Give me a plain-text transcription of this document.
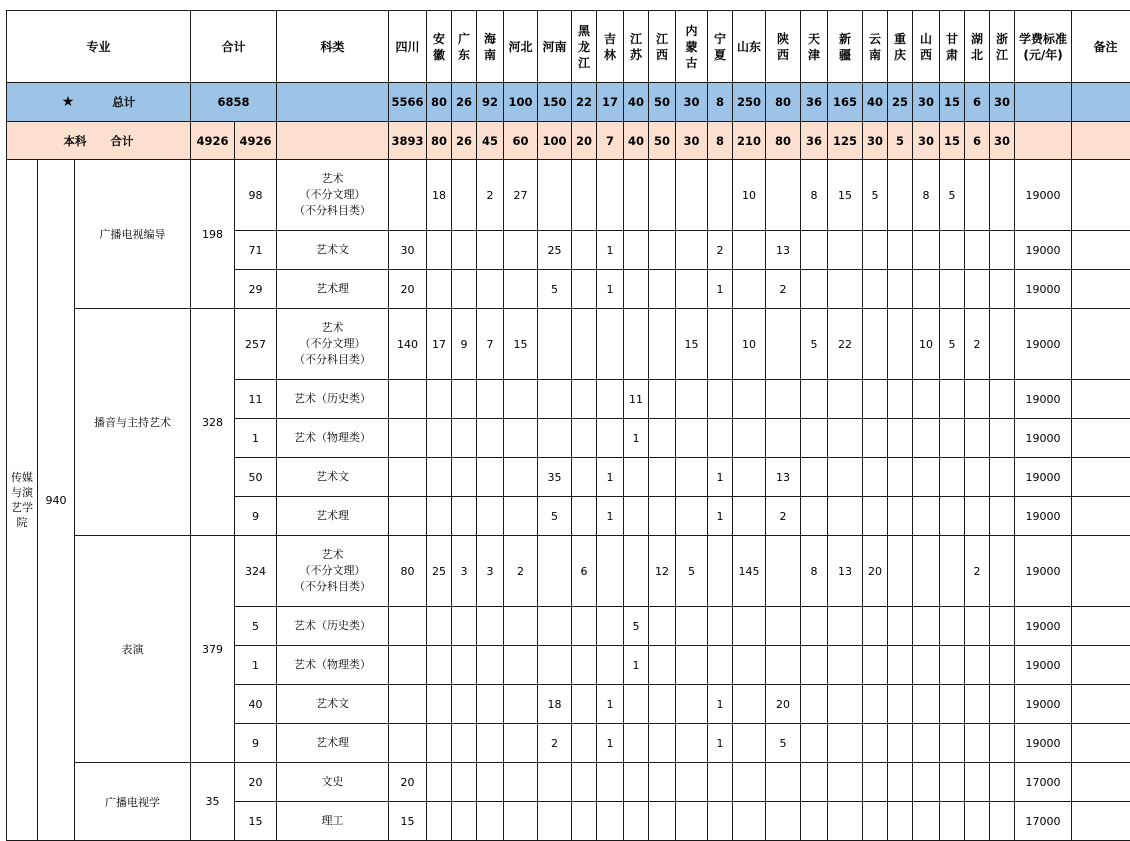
专业			合计		科类	四川	安徽	广东	海南	河北	河南	黑龙江	吉林	江苏	江西	内蒙古	宁夏	山东	陕西	天津	新疆	云南	重庆	山西	甘肃	湖北	浙江	学费标准(元/年)	备注
★ 总计			6858			5566	80	26	92	100	150	22	17	40	50	30	8	250	80	36	165	40	25	30	15	6	30		
本科 合计			4926	4926		3893	80	26	45	60	100	20	7	40	50	30	8	210	80	36	125	30	5	30	15	6	30		
传媒与演艺学院	940	广播电视编导	198	98	艺术
（不分文理）
（不分科目类）		18		2	27								10		8	15	5		8	5			19000	
				71	艺术文	30					25		1				2		13									19000	
				29	艺术理	20					5		1				1		2									19000	
		播音与主持艺术	328	257	艺术
（不分文理）
（不分科目类）	140	17	9	7	15						15		10		5	22			10	5	2		19000	
				11	艺术（历史类）									11														19000	
				1	艺术（物理类）									1														19000	
				50	艺术文						35		1				1		13									19000	
				9	艺术理						5		1				1		2									19000	
		表演	379	324	艺术
（不分文理）
（不分科目类）	80	25	3	3	2		6			12	5		145		8	13	20				2		19000	
				5	艺术（历史类）									5														19000	
				1	艺术（物理类）									1														19000	
				40	艺术文						18		1				1		20									19000	
				9	艺术理						2		1				1		5									19000	
		广播电视学	35	20	文史	20																						17000	
				15	理工	15																						17000	
